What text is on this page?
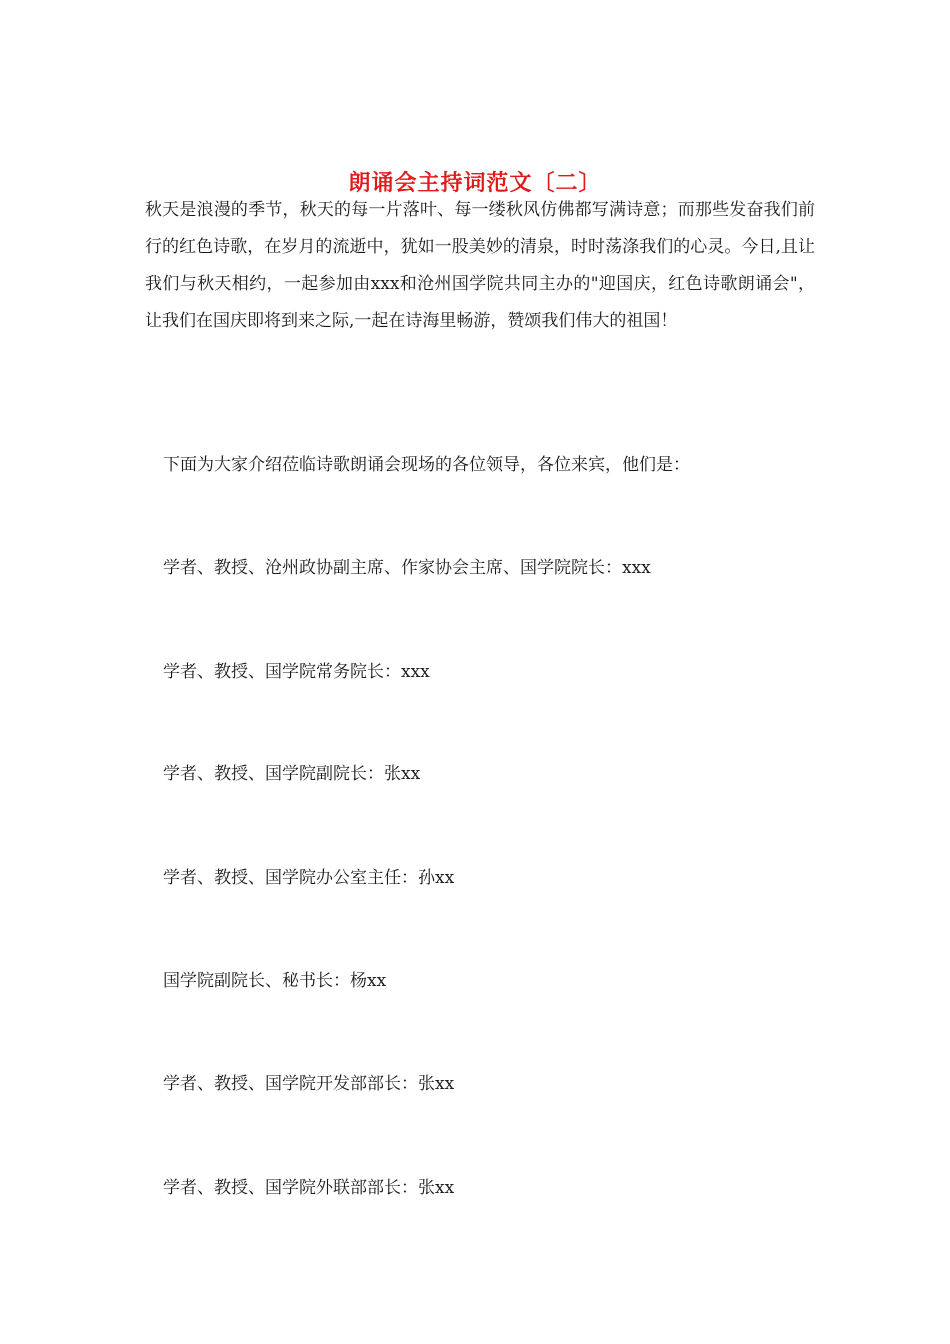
朗诵会主持词范文〔二〕

秋天是浪漫的季节，秋天的每一片落叶、每一缕秋风仿佛都写满诗意；而那些发奋我们前行的红色诗歌，在岁月的流逝中，犹如一股美妙的清泉，时时荡涤我们的心灵。今日,且让我们与秋天相约，一起参加由xxx和沧州国学院共同主办的"迎国庆，红色诗歌朗诵会"，让我们在国庆即将到来之际,一起在诗海里畅游，赞颂我们伟大的祖国！

下面为大家介绍莅临诗歌朗诵会现场的各位领导，各位来宾，他们是：

学者、教授、沧州政协副主席、作家协会主席、国学院院长：xxx

学者、教授、国学院常务院长：xxx

学者、教授、国学院副院长：张xx

学者、教授、国学院办公室主任：孙xx

国学院副院长、秘书长：杨xx

学者、教授、国学院开发部部长：张xx

学者、教授、国学院外联部部长：张xx
